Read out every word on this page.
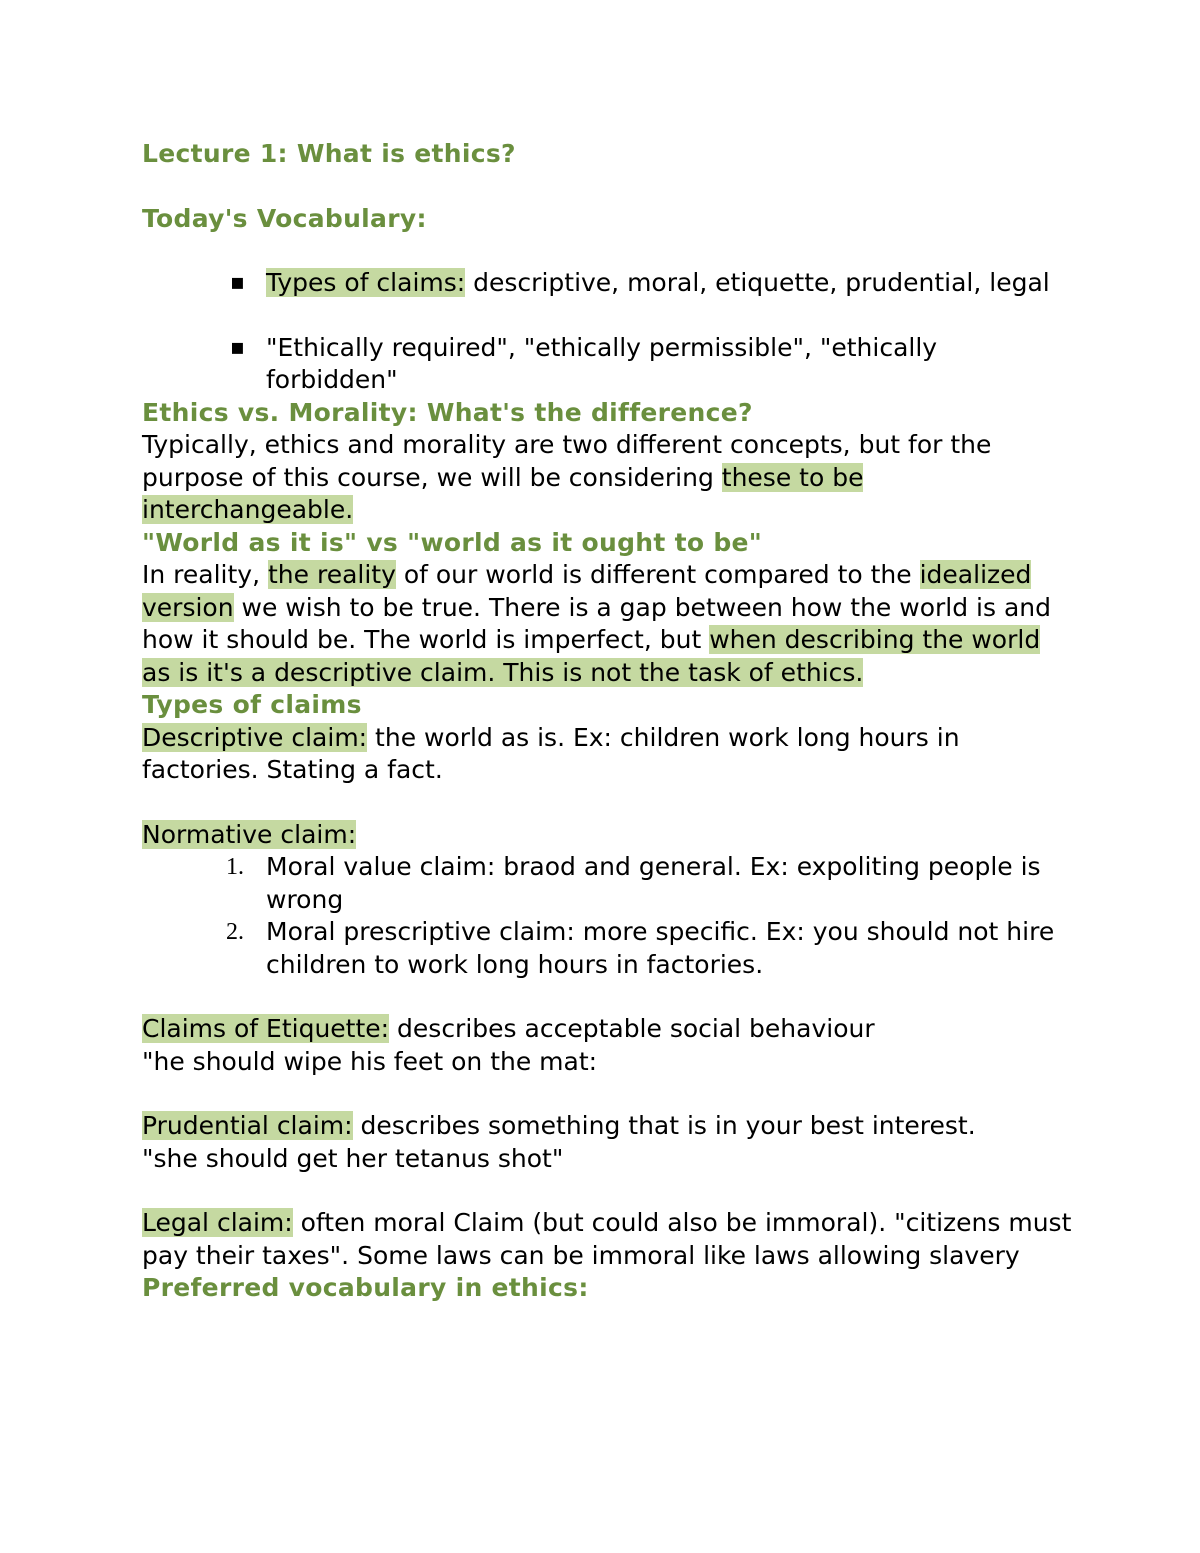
Lecture 1: What is ethics?
Today's Vocabulary:
▪ Types of claims: descriptive, moral, etiquette, prudential, legal
▪ "Ethically required", "ethically permissible", "ethically forbidden"
Ethics vs. Morality: What's the difference?

Typically, ethics and morality are two different concepts, but for the purpose of this course, we will be considering these to be interchangeable.

"World as it is" vs "world as it ought to be"

In reality, the reality of our world is different compared to the idealized version we wish to be true. There is a gap between how the world is and how it should be. The world is imperfect, but when describing the world as is it's a descriptive claim. This is not the task of ethics.

Types of claims

Descriptive claim: the world as is. Ex: children work long hours in factories. Stating a fact.

Normative claim:

1. Moral value claim: braod and general. Ex: expoliting people is wrong
2. Moral prescriptive claim: more specific. Ex: you should not hire children to work long hours in factories.

Claims of Etiquette: describes acceptable social behaviour

"he should wipe his feet on the mat:

Prudential claim: describes something that is in your best interest.

"she should get her tetanus shot"

Legal claim: often moral Claim (but could also be immoral). "citizens must pay their taxes". Some laws can be immoral like laws allowing slavery

Preferred vocabulary in ethics:
